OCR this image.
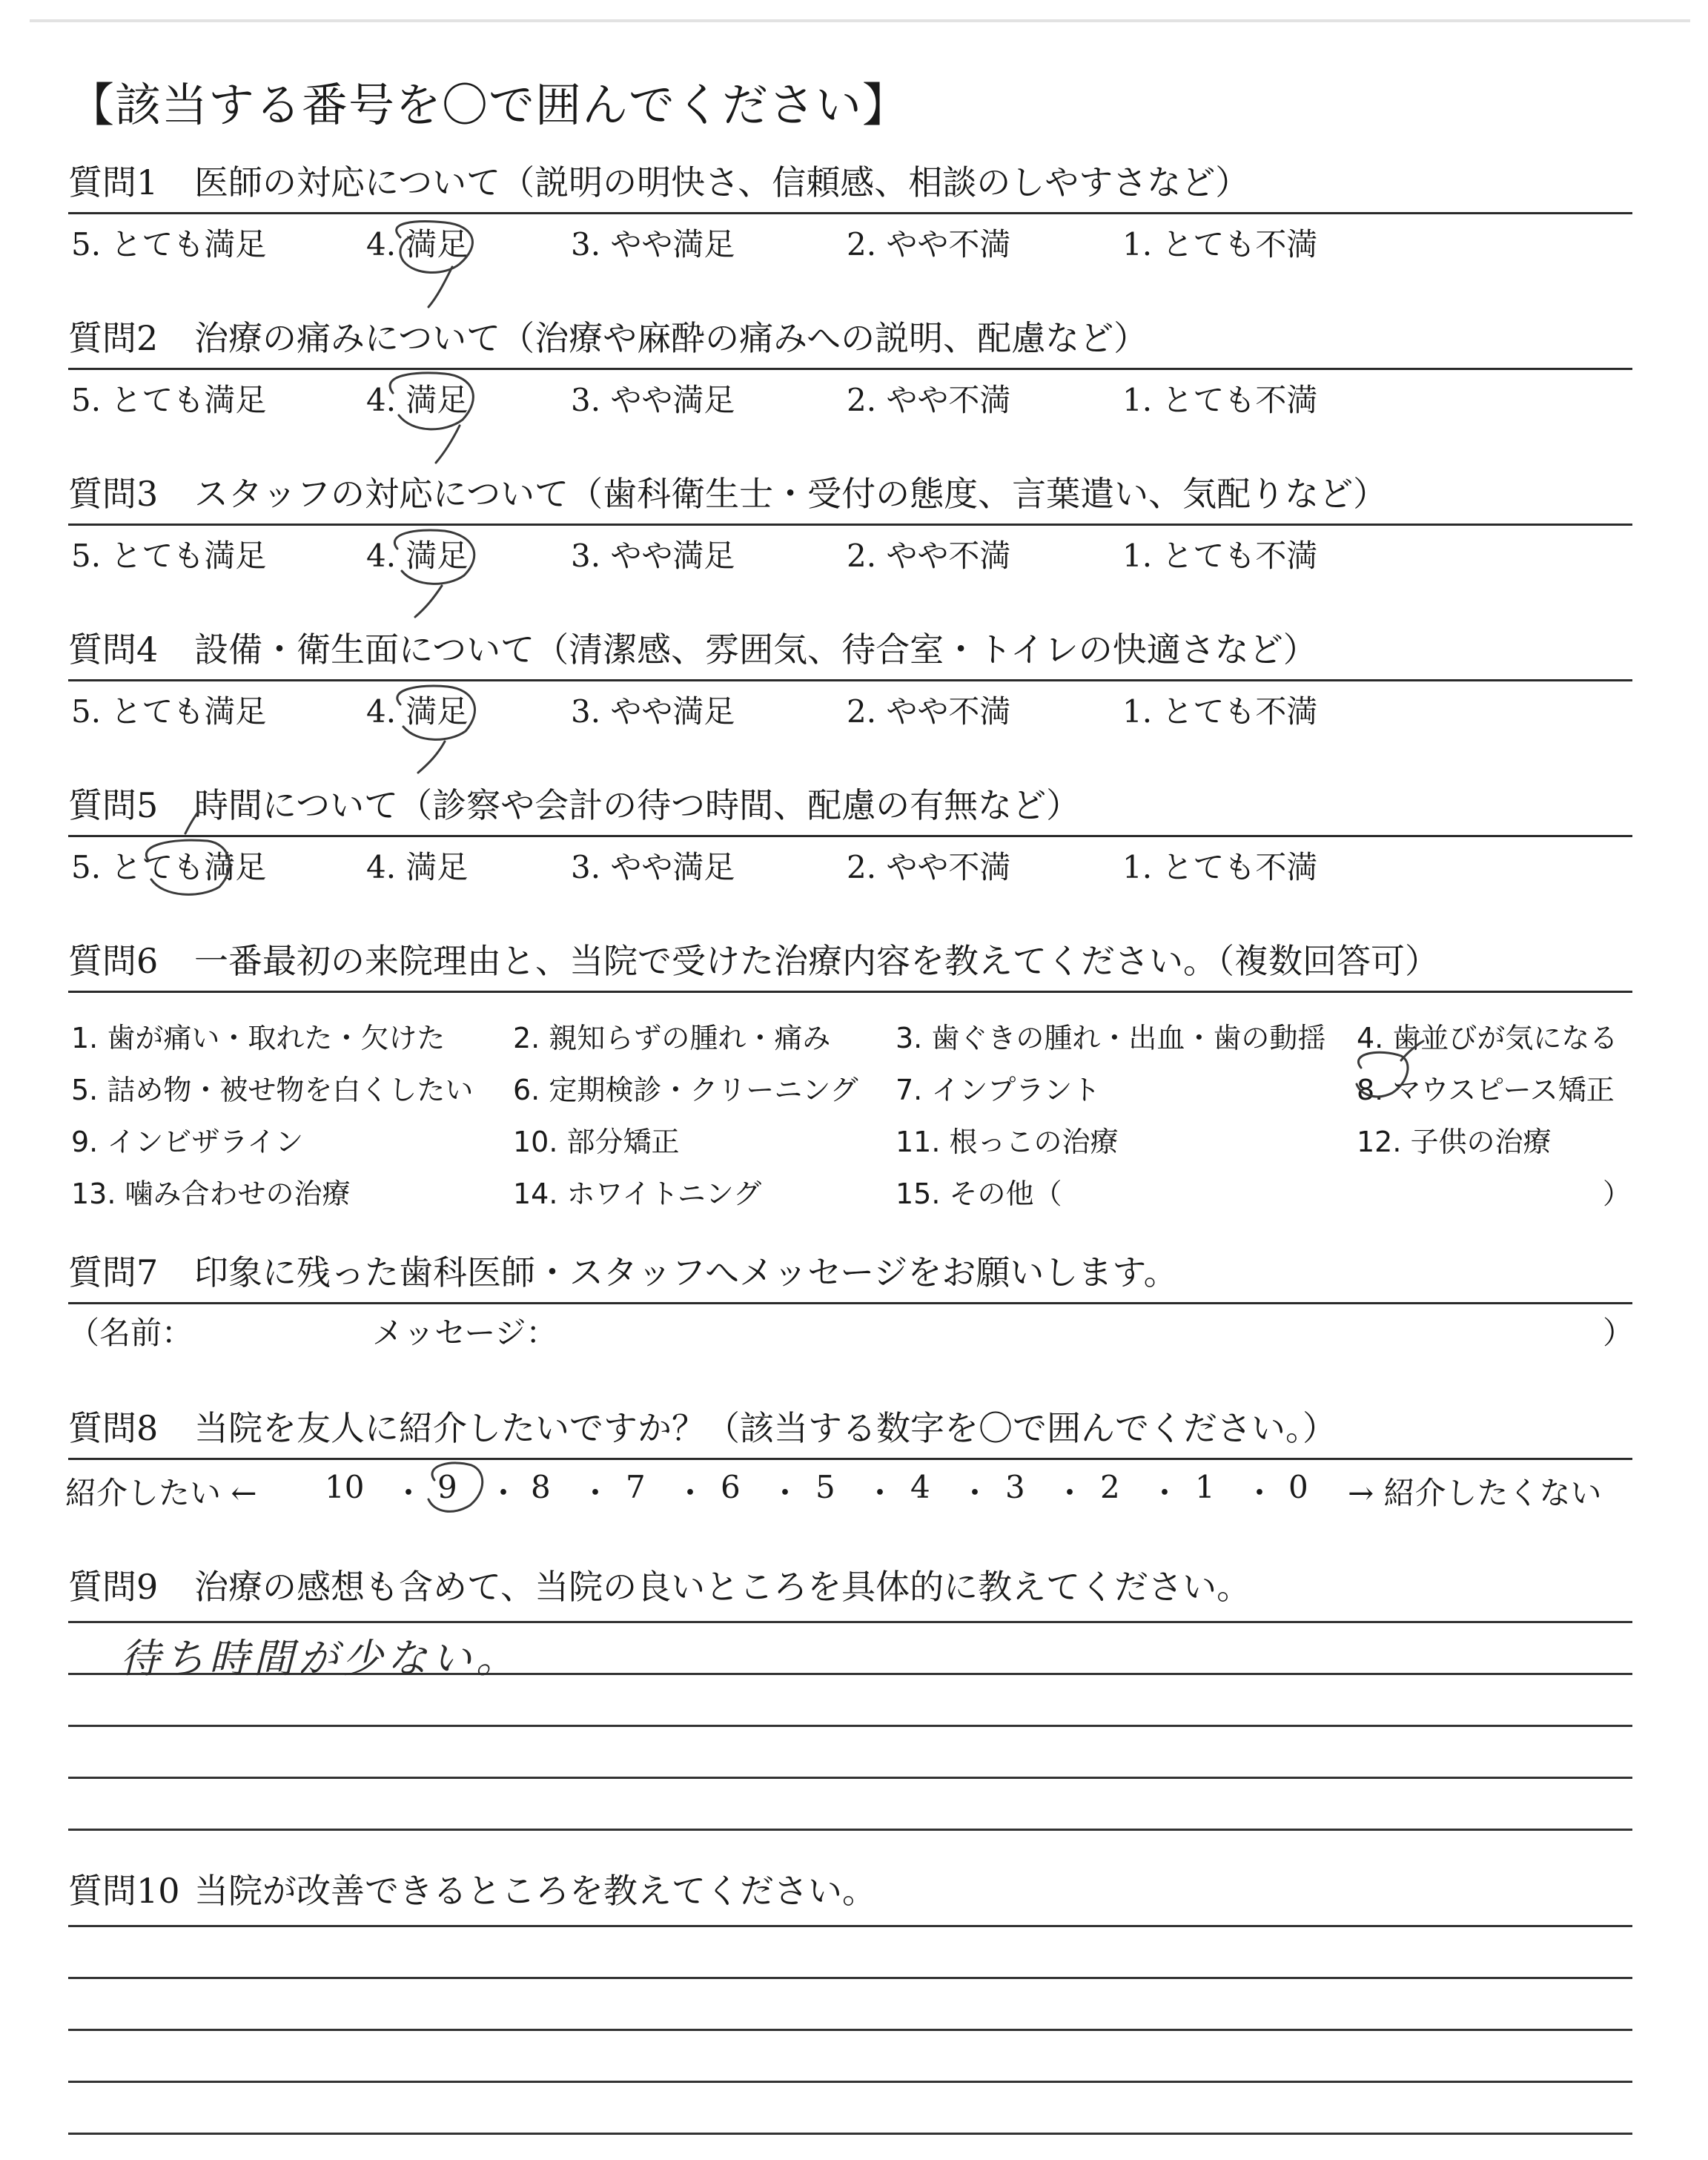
【該当する番号を〇で囲んでください】
質問1 医師の対応について（説明の明快さ、信頼感、相談のしやすさなど）
5. とても満足	4. 満足	3. やや満足	2. やや不満	1. とても不満
質問2 治療の痛みについて（治療や麻酔の痛みへの説明、配慮など）
5. とても満足	4. 満足	3. やや満足	2. やや不満	1. とても不満
質問3 スタッフの対応について（歯科衛生士・受付の態度、言葉遣い、気配りなど）
5. とても満足	4. 満足	3. やや満足	2. やや不満	1. とても不満
質問4 設備・衛生面について（清潔感、雰囲気、待合室・トイレの快適さなど）
5. とても満足	4. 満足	3. やや満足	2. やや不満	1. とても不満
質問5 時間について（診察や会計の待つ時間、配慮の有無など）
5. とても満足	4. 満足	3. やや満足	2. やや不満	1. とても不満
質問6 一番最初の来院理由と、当院で受けた治療内容を教えてください。（複数回答可）
1. 歯が痛い・取れた・欠けた 2. 親知らずの腫れ・痛み 3. 歯ぐきの腫れ・出血・歯の動揺 4. 歯並びが気になる
5. 詰め物・被せ物を白くしたい 6. 定期検診・クリーニング 7. インプラント	8. マウスピース矯正
9. インビザライン	10. 部分矯正	11. 根っこの治療	12. 子供の治療
13. 噛み合わせの治療	14. ホワイトニング	15. その他（	）
質問7 印象に残った歯科医師・スタッフへメッセージをお願いします。
（名前：	メッセージ：	）
質問8 当院を友人に紹介したいですか？（該当する数字を〇で囲んでください。）
紹介したい ← 10 ・ 9 ・ 8 ・ 7 ・ 6 ・ 5 ・ 4 ・ 3 ・ 2 ・ 1 ・ 0 → 紹介したくない
質問9 治療の感想も含めて、当院の良いところを具体的に教えてください。
待ち時間が少ない。
質問10 当院が改善できるところを教えてください。
